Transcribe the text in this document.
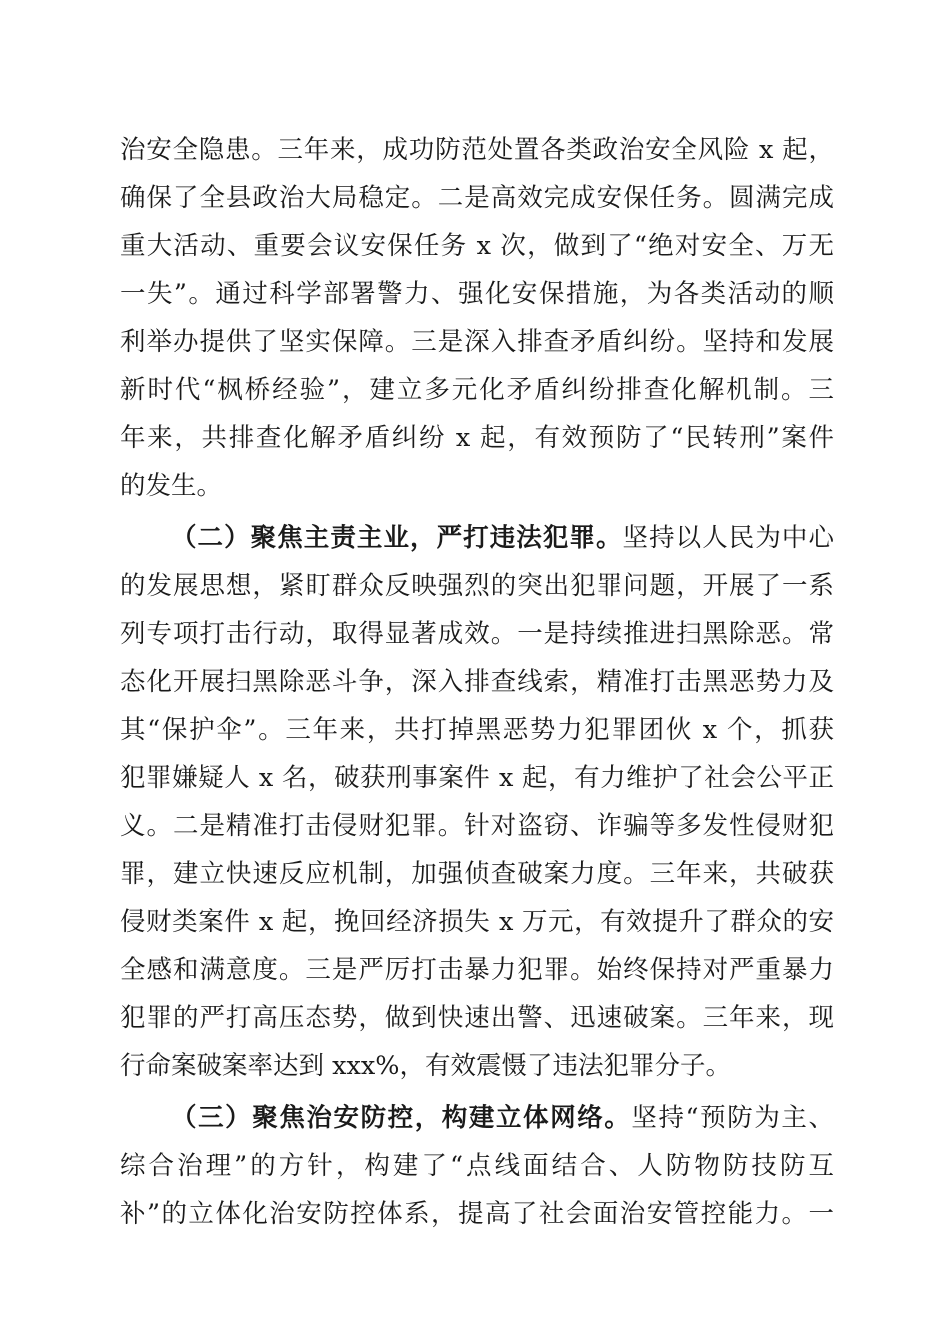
治安全隐患。三年来，成功防范处置各类政治安全风险 x 起，
确保了全县政治大局稳定。二是高效完成安保任务。圆满完成
重大活动、重要会议安保任务 x 次，做到了“绝对安全、万无
一失”。通过科学部署警力、强化安保措施，为各类活动的顺
利举办提供了坚实保障。三是深入排查矛盾纠纷。坚持和发展
新时代“枫桥经验”，建立多元化矛盾纠纷排查化解机制。三
年来，共排查化解矛盾纠纷 x 起，有效预防了“民转刑”案件
的发生。
（二）聚焦主责主业，严打违法犯罪。坚持以人民为中心
的发展思想，紧盯群众反映强烈的突出犯罪问题，开展了一系
列专项打击行动，取得显著成效。一是持续推进扫黑除恶。常
态化开展扫黑除恶斗争，深入排查线索，精准打击黑恶势力及
其“保护伞”。三年来，共打掉黑恶势力犯罪团伙 x 个，抓获
犯罪嫌疑人 x 名，破获刑事案件 x 起，有力维护了社会公平正
义。二是精准打击侵财犯罪。针对盗窃、诈骗等多发性侵财犯
罪，建立快速反应机制，加强侦查破案力度。三年来，共破获
侵财类案件 x 起，挽回经济损失 x 万元，有效提升了群众的安
全感和满意度。三是严厉打击暴力犯罪。始终保持对严重暴力
犯罪的严打高压态势，做到快速出警、迅速破案。三年来，现
行命案破案率达到 xxx%，有效震慑了违法犯罪分子。
（三）聚焦治安防控，构建立体网络。坚持“预防为主、
综合治理”的方针，构建了“点线面结合、人防物防技防互
补”的立体化治安防控体系，提高了社会面治安管控能力。一
